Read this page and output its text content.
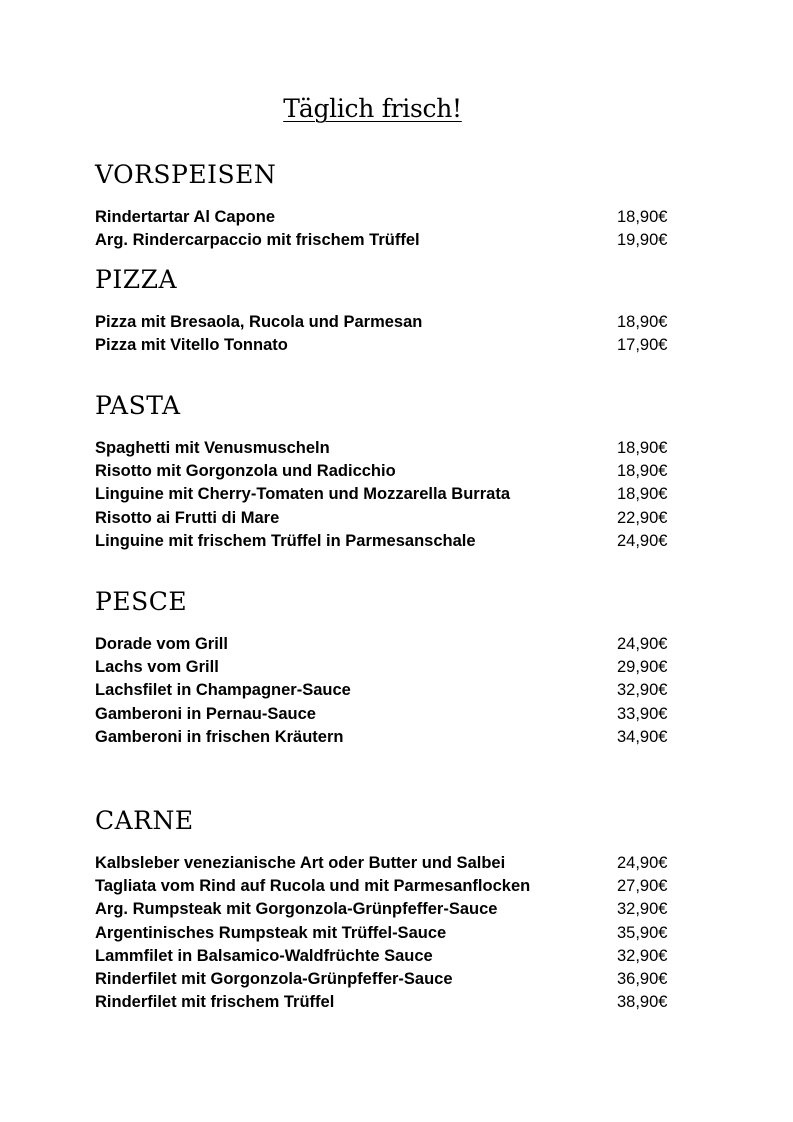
Täglich frisch!
VORSPEISEN
Rindertartar Al Capone	18,90€
Arg. Rindercarpaccio mit frischem Trüffel	19,90€
PIZZA
Pizza mit Bresaola, Rucola und Parmesan	18,90€
Pizza mit Vitello Tonnato	17,90€
PASTA
Spaghetti mit Venusmuscheln	18,90€
Risotto mit Gorgonzola und Radicchio	18,90€
Linguine mit Cherry-Tomaten und Mozzarella Burrata	18,90€
Risotto ai Frutti di Mare	22,90€
Linguine mit frischem Trüffel in Parmesanschale	24,90€
PESCE
Dorade vom Grill	24,90€
Lachs vom Grill	29,90€
Lachsfilet in Champagner-Sauce	32,90€
Gamberoni in Pernau-Sauce	33,90€
Gamberoni in frischen Kräutern	34,90€
CARNE
Kalbsleber venezianische Art oder Butter und Salbei	24,90€
Tagliata vom Rind auf Rucola und mit Parmesanflocken	27,90€
Arg. Rumpsteak mit Gorgonzola-Grünpfeffer-Sauce	32,90€
Argentinisches Rumpsteak mit Trüffel-Sauce	35,90€
Lammfilet in Balsamico-Waldfrüchte Sauce	32,90€
Rinderfilet mit Gorgonzola-Grünpfeffer-Sauce	36,90€
Rinderfilet mit frischem Trüffel	38,90€
